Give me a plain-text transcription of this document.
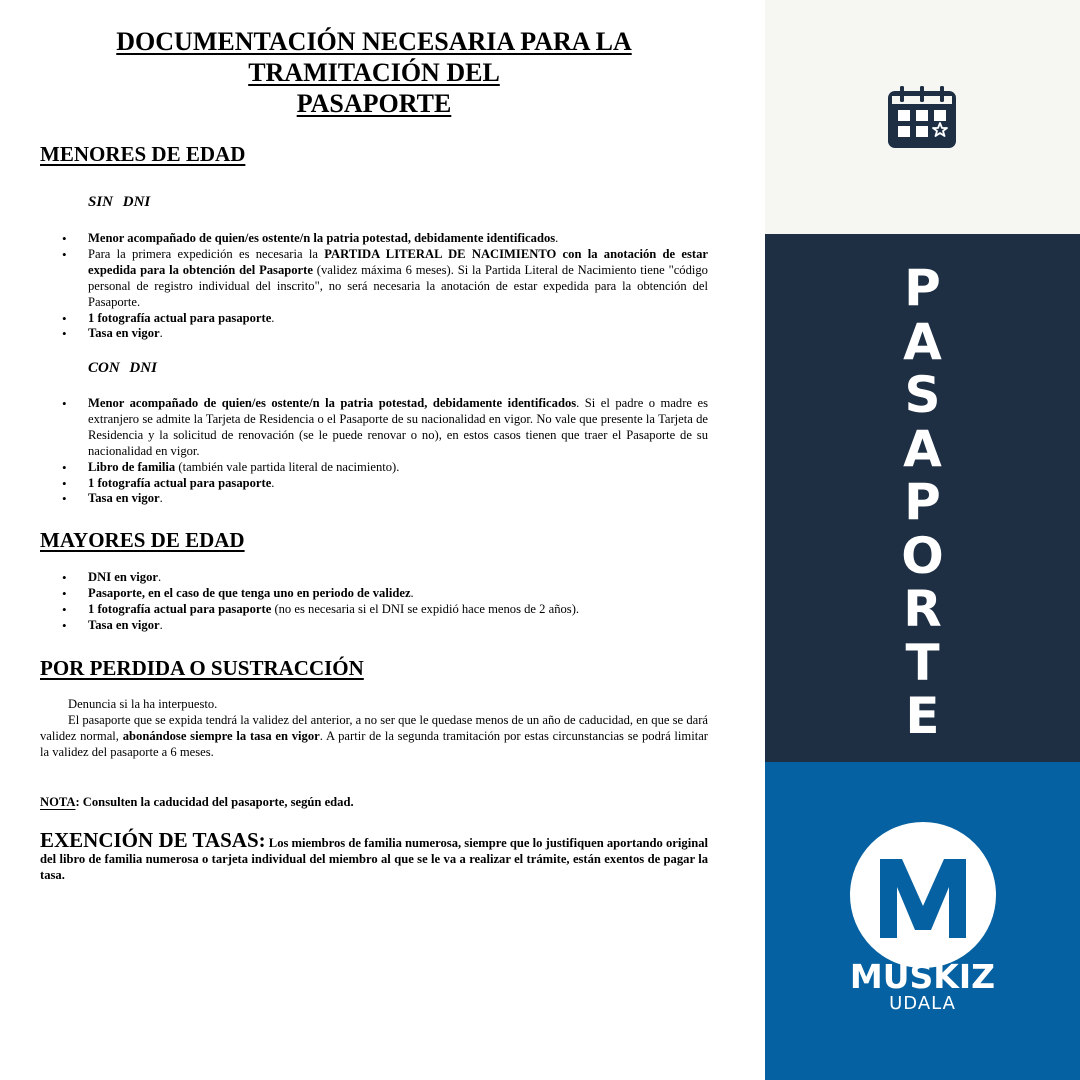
DOCUMENTACIÓN NECESARIA PARA LA
TRAMITACIÓN DEL
PASAPORTE
MENORES DE EDAD
SIN DNI
• Menor acompañado de quien/es ostente/n la patria potestad, debidamente identificados.
• Para la primera expedición es necesaria la PARTIDA LITERAL DE NACIMIENTO con la anotación de estar expedida para la obtención del Pasaporte (validez máxima 6 meses). Si la Partida Literal de Nacimiento tiene "código personal de registro individual del inscrito", no será necesaria la anotación de estar expedida para la obtención del Pasaporte.
• 1 fotografía actual para pasaporte.
• Tasa en vigor.
CON DNI
• Menor acompañado de quien/es ostente/n la patria potestad, debidamente identificados. Si el padre o madre es extranjero se admite la Tarjeta de Residencia o el Pasaporte de su nacionalidad en vigor. No vale que presente la Tarjeta de Residencia y la solicitud de renovación (se le puede renovar o no), en estos casos tienen que traer el Pasaporte de su nacionalidad en vigor.
• Libro de familia (también vale partida literal de nacimiento).
• 1 fotografía actual para pasaporte.
• Tasa en vigor.
MAYORES DE EDAD
• DNI en vigor.
• Pasaporte, en el caso de que tenga uno en periodo de validez.
• 1 fotografía actual para pasaporte (no es necesaria si el DNI se expidió hace menos de 2 años).
• Tasa en vigor.
POR PERDIDA O SUSTRACCIÓN
Denuncia si la ha interpuesto.
El pasaporte que se expida tendrá la validez del anterior, a no ser que le quedase menos de un año de caducidad, en que se dará validez normal, abonándose siempre la tasa en vigor. A partir de la segunda tramitación por estas circunstancias se podrá limitar la validez del pasaporte a 6 meses.
NOTA: Consulten la caducidad del pasaporte, según edad.
EXENCIÓN DE TASAS: Los miembros de familia numerosa, siempre que lo justifiquen aportando original del libro de familia numerosa o tarjeta individual del miembro al que se le va a realizar el trámite, están exentos de pagar la tasa.
P
A
S
A
P
O
R
T
E
MUSKIZ
UDALA
